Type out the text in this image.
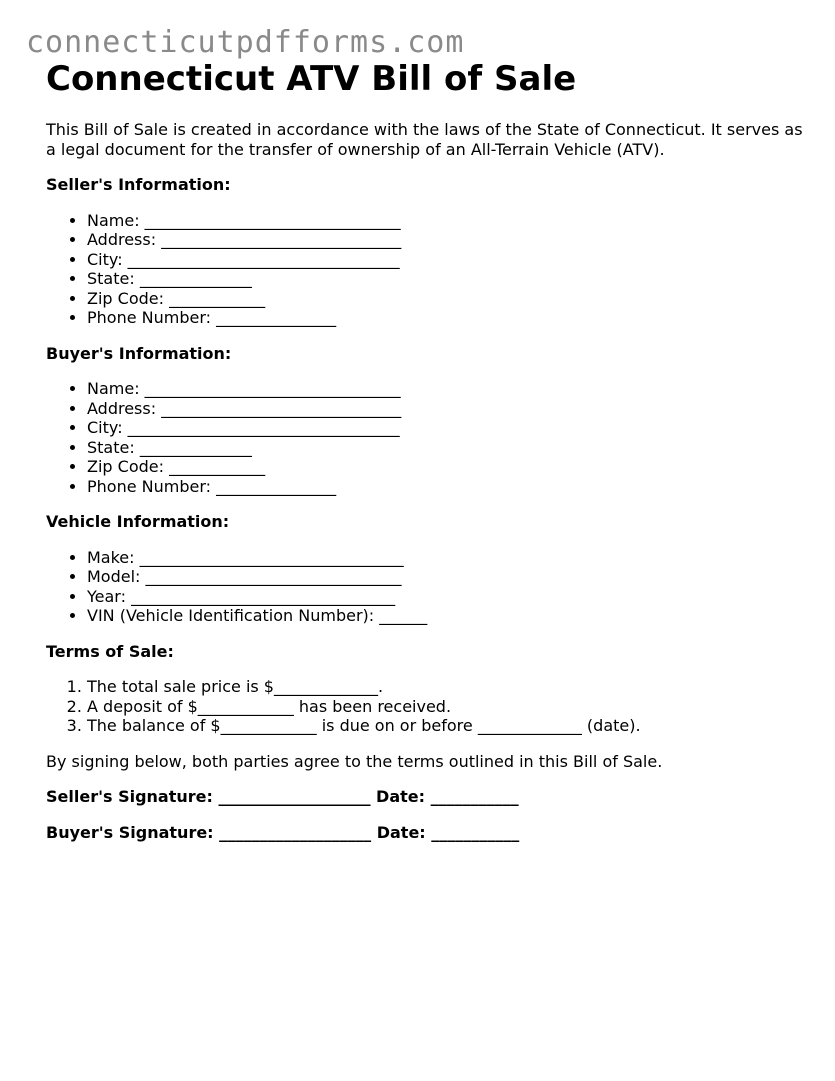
connecticutpdfforms.com
Connecticut ATV Bill of Sale

This Bill of Sale is created in accordance with the laws of the State of Connecticut. It serves as a legal document for the transfer of ownership of an All-Terrain Vehicle (ATV).

Seller's Information:
• Name: ________________________________
• Address: ______________________________
• City: __________________________________
• State: ______________
• Zip Code: ____________
• Phone Number: _______________
Buyer's Information:
• Name: ________________________________
• Address: ______________________________
• City: __________________________________
• State: ______________
• Zip Code: ____________
• Phone Number: _______________
Vehicle Information:
• Make: _________________________________
• Model: ________________________________
• Year: _________________________________
• VIN (Vehicle Identification Number): ______
Terms of Sale:
1. The total sale price is $_____________.
2. A deposit of $____________ has been received.
3. The balance of $____________ is due on or before _____________ (date).

By signing below, both parties agree to the terms outlined in this Bill of Sale.

Seller's Signature: ___________________ Date: ___________
Buyer's Signature: ___________________ Date: ___________
